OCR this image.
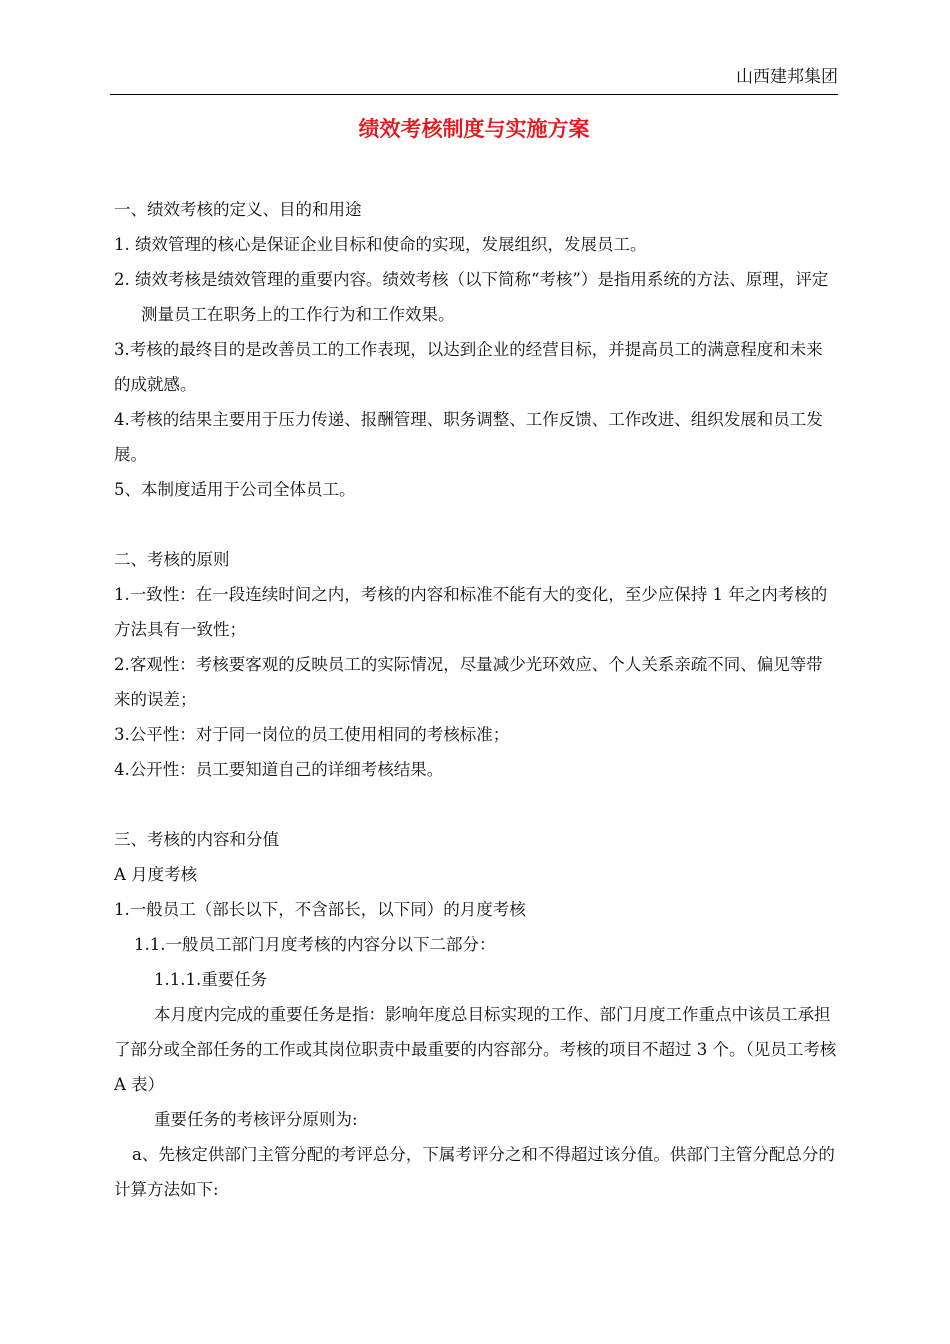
山西建邦集团
绩效考核制度与实施方案

一、绩效考核的定义、目的和用途

1. 绩效管理的核心是保证企业目标和使命的实现，发展组织，发展员工。

2. 绩效考核是绩效管理的重要内容。绩效考核（以下简称“考核”）是指用系统的方法、原理，评定测量员工在职务上的工作行为和工作效果。

3.考核的最终目的是改善员工的工作表现，以达到企业的经营目标，并提高员工的满意程度和未来的成就感。

4.考核的结果主要用于压力传递、报酬管理、职务调整、工作反馈、工作改进、组织发展和员工发展。

5、本制度适用于公司全体员工。

二、考核的原则

1.一致性：在一段连续时间之内，考核的内容和标准不能有大的变化，至少应保持 1 年之内考核的方法具有一致性；

2.客观性：考核要客观的反映员工的实际情况，尽量减少光环效应、个人关系亲疏不同、偏见等带来的误差；

3.公平性：对于同一岗位的员工使用相同的考核标准；

4.公开性：员工要知道自己的详细考核结果。

三、考核的内容和分值

A 月度考核

1.一般员工（部长以下，不含部长，以下同）的月度考核

1.1.一般员工部门月度考核的内容分以下二部分：

1.1.1.重要任务

本月度内完成的重要任务是指：影响年度总目标实现的工作、部门月度工作重点中该员工承担了部分或全部任务的工作或其岗位职责中最重要的内容部分。考核的项目不超过 3 个。（见员工考核 A 表）

重要任务的考核评分原则为:

a、先核定供部门主管分配的考评总分，下属考评分之和不得超过该分值。供部门主管分配总分的计算方法如下:
